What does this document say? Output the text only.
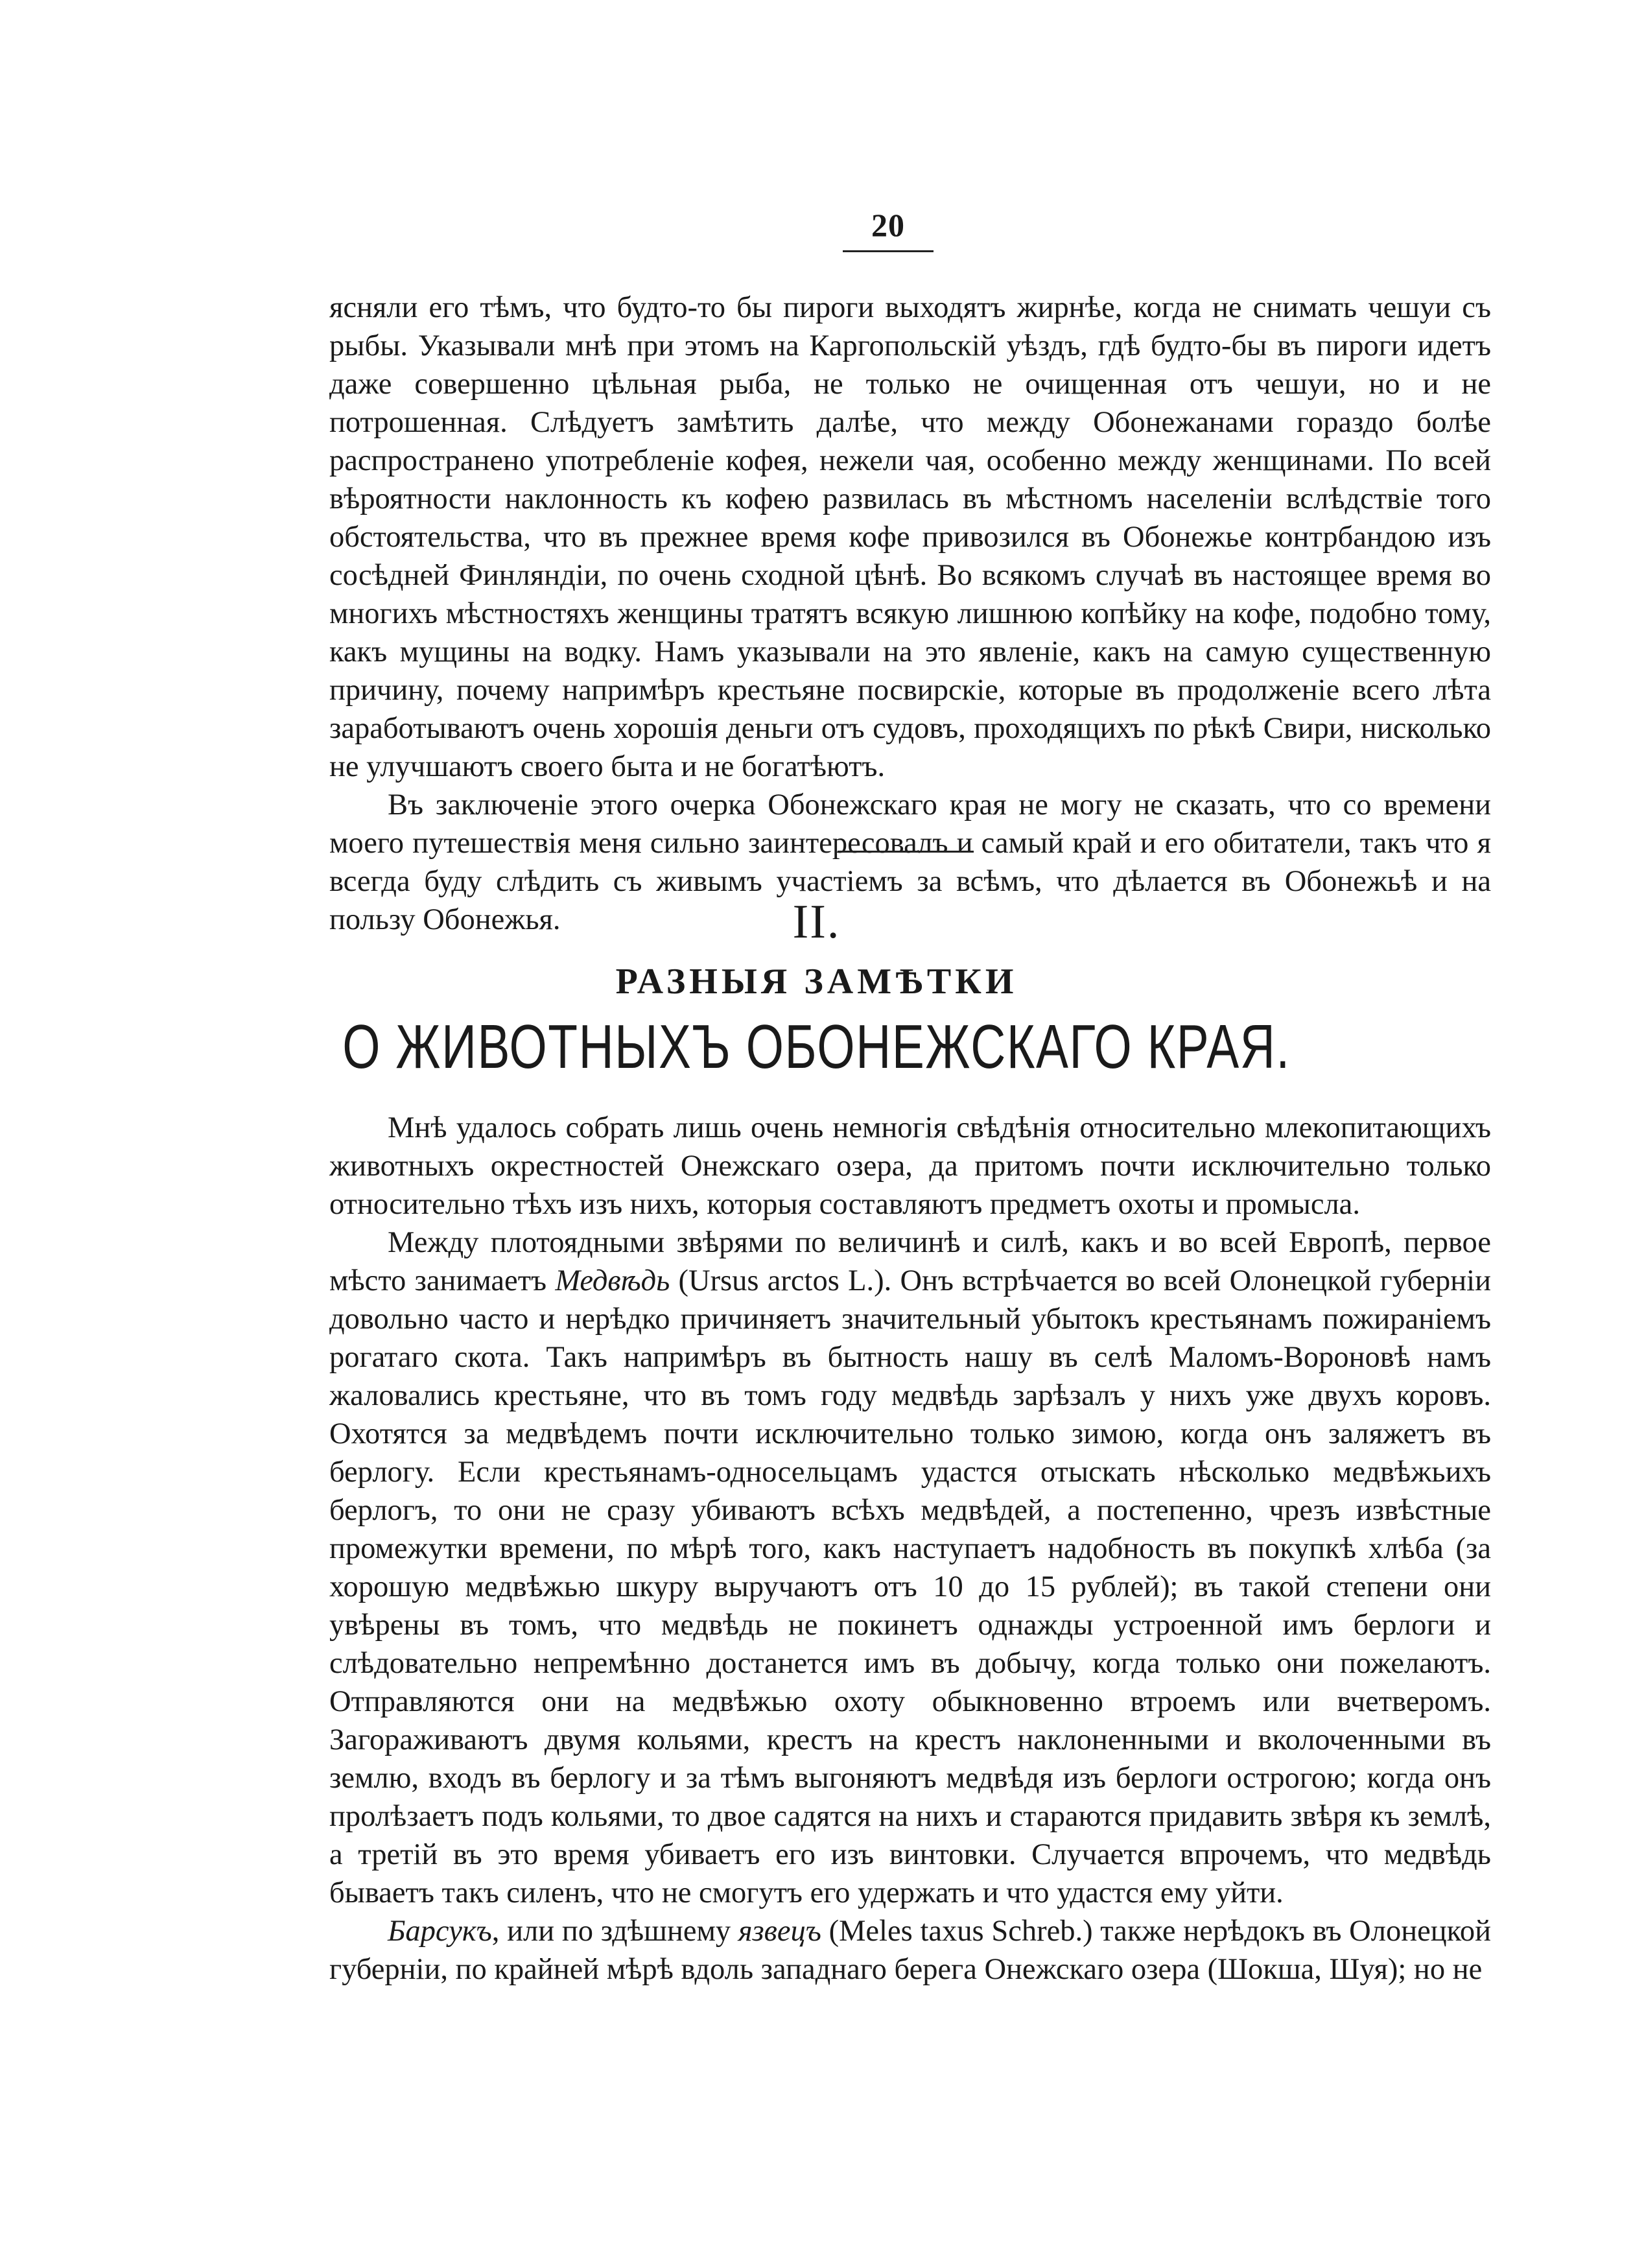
20

ясняли его тѣмъ, что будто-то бы пироги выходятъ жирнѣе, когда не снимать чешуи съ рыбы. Указывали мнѣ при этомъ на Каргопольскій уѣздъ, гдѣ будто-бы въ пироги идетъ даже совершенно цѣльная рыба, не только не очищенная отъ чешуи, но и не потрошенная. Слѣдуетъ замѣтить далѣе, что между Обонежанами гораздо болѣе распространено употребленіе кофея, нежели чая, особенно между женщинами. По всей вѣроятности наклонность къ кофею развилась въ мѣстномъ населеніи вслѣдствіе того обстоятельства, что въ прежнее время кофе привозился въ Обонежье контрбандою изъ сосѣдней Финляндіи, по очень сходной цѣнѣ. Во всякомъ случаѣ въ настоящее время во многихъ мѣстностяхъ женщины тратятъ всякую лишнюю копѣйку на кофе, подобно тому, какъ мущины на водку. Намъ указывали на это явленіе, какъ на самую существенную причину, почему напримѣръ крестьяне посвирскіе, которые въ продолженіе всего лѣта заработываютъ очень хорошія деньги отъ судовъ, проходящихъ по рѣкѣ Свири, нисколько не улучшаютъ своего быта и не богатѣютъ.

Въ заключеніе этого очерка Обонежскаго края не могу не сказать, что со времени моего путешествія меня сильно заинтересовалъ и самый край и его обитатели, такъ что я всегда буду слѣдить съ живымъ участіемъ за всѣмъ, что дѣлается въ Обонежьѣ и на пользу Обонежья.	II.
РАЗНЫЯ ЗАМѢТКИ
О ЖИВОТНЫХЪ ОБОНЕЖСКАГО КРАЯ.

Мнѣ удалось собрать лишь очень немногія свѣдѣнія относительно млекопитающихъ животныхъ окрестностей Онежскаго озера, да притомъ почти исключительно только относительно тѣхъ изъ нихъ, которыя составляютъ предметъ охоты и промысла.

Между плотоядными звѣрями по величинѣ и силѣ, какъ и во всей Европѣ, первое мѣсто занимаетъ Медвѣдь (Ursus arctos L.). Онъ встрѣчается во всей Олонецкой губерніи довольно часто и нерѣдко причиняетъ значительный убытокъ крестьянамъ пожираніемъ рогатаго скота. Такъ напримѣръ въ бытность нашу въ селѣ Маломъ-Вороновѣ намъ жаловались крестьяне, что въ томъ году медвѣдь зарѣзалъ у нихъ уже двухъ коровъ. Охотятся за медвѣдемъ почти исключительно только зимою, когда онъ заляжетъ въ берлогу. Если крестьянамъ-односельцамъ удастся отыскать нѣсколько медвѣжьихъ берлогъ, то они не сразу убиваютъ всѣхъ медвѣдей, а постепенно, чрезъ извѣстные промежутки времени, по мѣрѣ того, какъ наступаетъ надобность въ покупкѣ хлѣба (за хорошую медвѣжью шкуру выручаютъ отъ 10 до 15 рублей); въ такой степени они увѣрены въ томъ, что медвѣдь не покинетъ однажды устроенной имъ берлоги и слѣдовательно непремѣнно достанется имъ въ добычу, когда только они пожелаютъ. Отправляются они на медвѣжью охоту обыкновенно втроемъ или вчетверомъ. Загораживаютъ двумя кольями, крестъ на крестъ наклоненными и вколоченными въ землю, входъ въ берлогу и за тѣмъ выгоняютъ медвѣдя изъ берлоги острогою; когда онъ пролѣзаетъ подъ кольями, то двое садятся на нихъ и стараются придавить звѣря къ землѣ, а третій въ это время убиваетъ его изъ винтовки. Случается впрочемъ, что медвѣдь бываетъ такъ силенъ, что не смогутъ его удержать и что удастся ему уйти.

Барсукъ, или по здѣшнему язвецъ (Meles taxus Schreb.) также нерѣдокъ въ Олонецкой губерніи, по крайней мѣрѣ вдоль западнаго берега Онежскаго озера (Шокша, Шуя); но не
